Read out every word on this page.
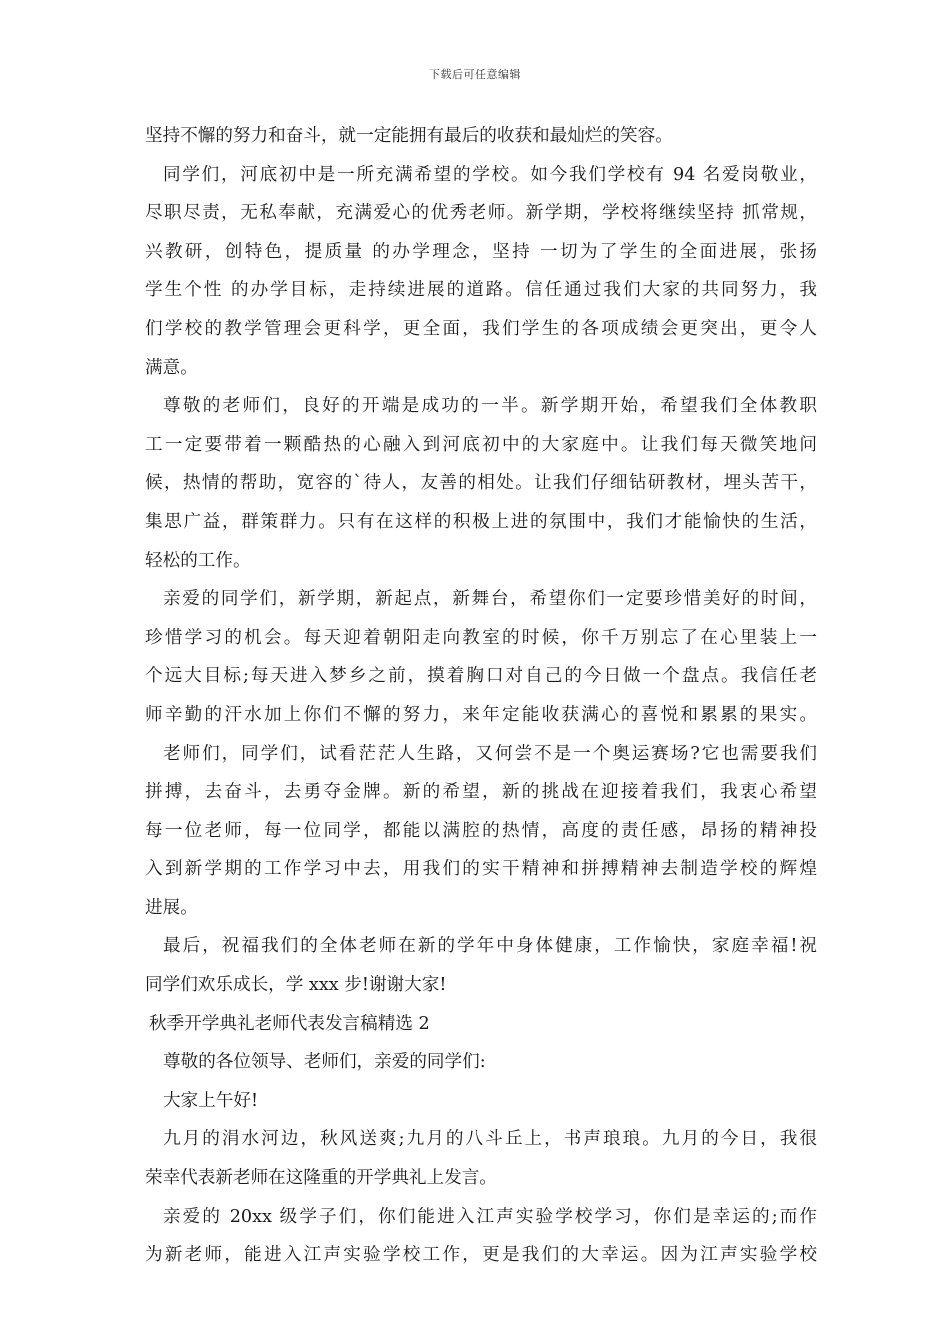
下载后可任意编辑
坚持不懈的努力和奋斗，就一定能拥有最后的收获和最灿烂的笑容。
同学们，河底初中是一所充满希望的学校。如今我们学校有 94 名爱岗敬业，
尽职尽责，无私奉献，充满爱心的优秀老师。新学期，学校将继续坚持 抓常规，
兴教研，创特色，提质量 的办学理念，坚持 一切为了学生的全面进展，张扬
学生个性 的办学目标，走持续进展的道路。信任通过我们大家的共同努力，我
们学校的教学管理会更科学，更全面，我们学生的各项成绩会更突出，更令人
满意。
尊敬的老师们，良好的开端是成功的一半。新学期开始，希望我们全体教职
工一定要带着一颗酷热的心融入到河底初中的大家庭中。让我们每天微笑地问
候，热情的帮助，宽容的`待人，友善的相处。让我们仔细钻研教材，埋头苦干，
集思广益，群策群力。只有在这样的积极上进的氛围中，我们才能愉快的生活，
轻松的工作。
亲爱的同学们，新学期，新起点，新舞台，希望你们一定要珍惜美好的时间，
珍惜学习的机会。每天迎着朝阳走向教室的时候，你千万别忘了在心里装上一
个远大目标;每天进入梦乡之前，摸着胸口对自己的今日做一个盘点。我信任老
师辛勤的汗水加上你们不懈的努力，来年定能收获满心的喜悦和累累的果实。
老师们，同学们，试看茫茫人生路，又何尝不是一个奥运赛场?它也需要我们
拼搏，去奋斗，去勇夺金牌。新的希望，新的挑战在迎接着我们，我衷心希望
每一位老师，每一位同学，都能以满腔的热情，高度的责任感，昂扬的精神投
入到新学期的工作学习中去，用我们的实干精神和拼搏精神去制造学校的辉煌
进展。
最后，祝福我们的全体老师在新的学年中身体健康，工作愉快，家庭幸福!祝
同学们欢乐成长，学 xxx 步!谢谢大家!
秋季开学典礼老师代表发言稿精选 2
尊敬的各位领导、老师们，亲爱的同学们:
大家上午好!
九月的涓水河边，秋风送爽;九月的八斗丘上，书声琅琅。九月的今日，我很
荣幸代表新老师在这隆重的开学典礼上发言。
亲爱的 20xx 级学子们，你们能进入江声实验学校学习，你们是幸运的;而作
为新老师，能进入江声实验学校工作，更是我们的大幸运。因为江声实验学校
